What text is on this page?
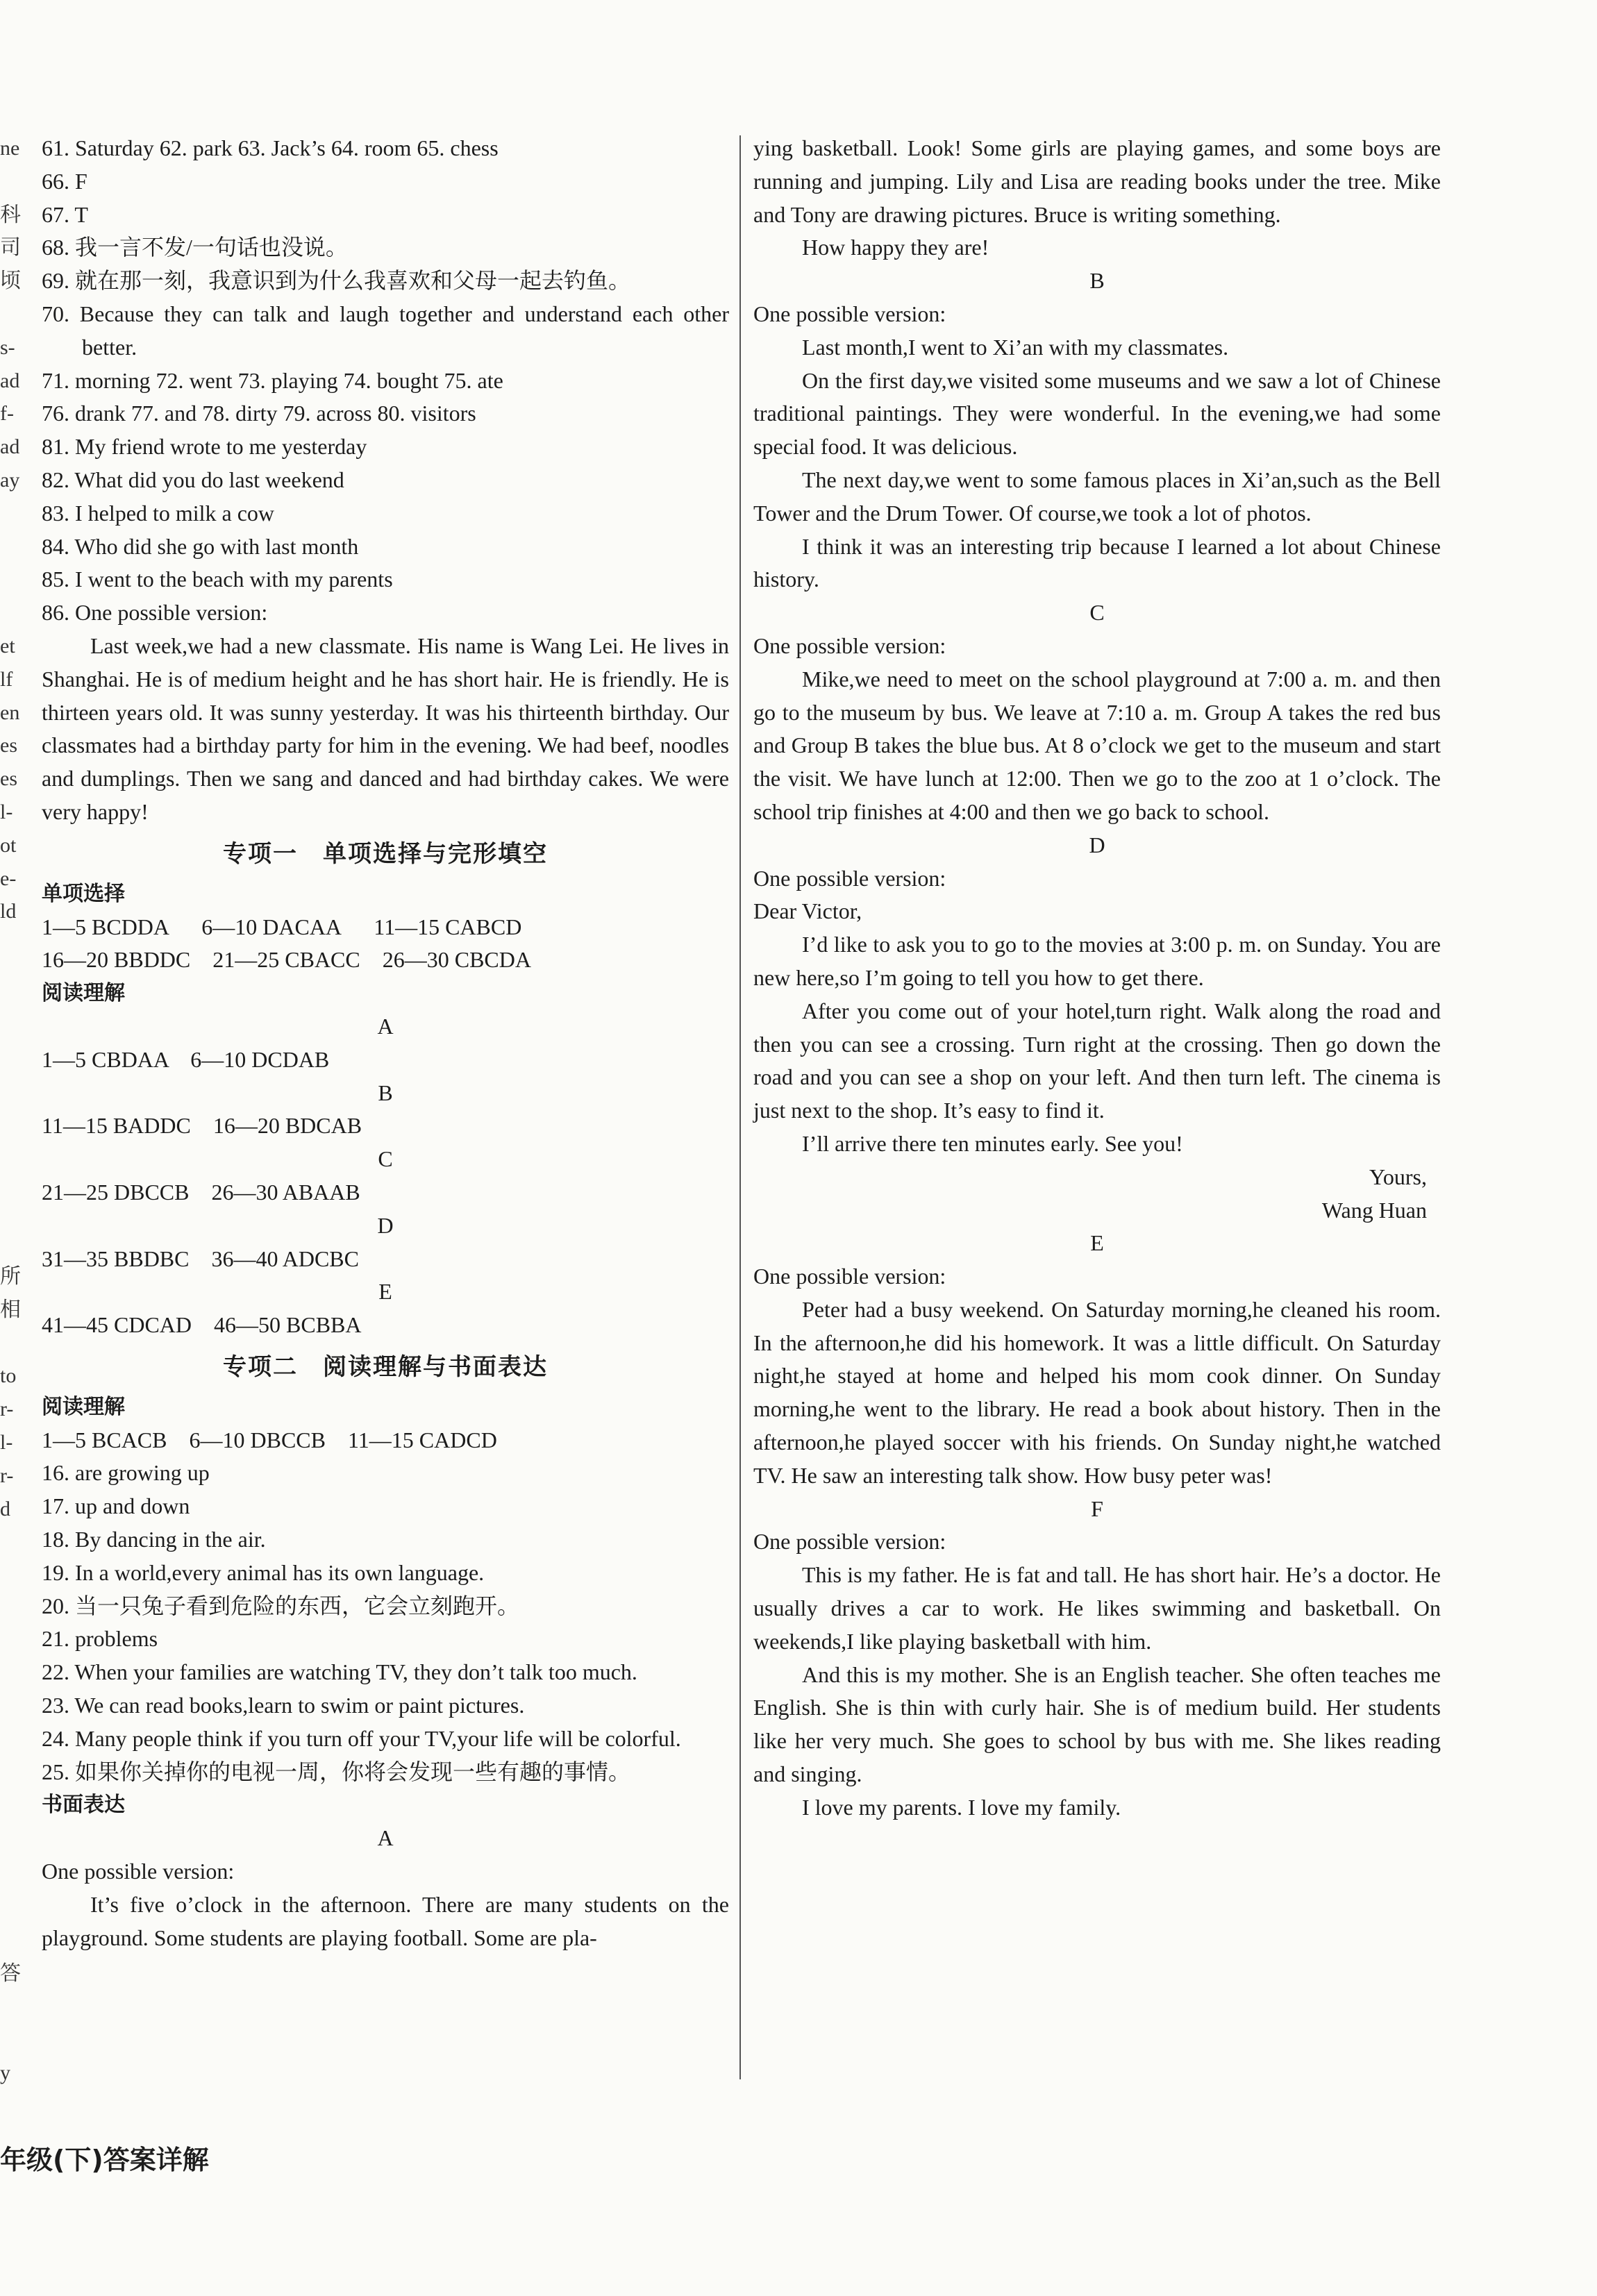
ne

科
司
顷

s-
ad
f-
ad
ay

et
lf
en
es
es
l-
ot
e-
ld

所
相

to
r-
l-
r-
d

答

y
61. Saturday 62. park 63. Jack’s 64. room 65. chess
66. F
67. T
68. 我一言不发/一句话也没说。
69. 就在那一刻，我意识到为什么我喜欢和父母一起去钓鱼。
70. Because they can talk and laugh together and understand each other better.
71. morning 72. went 73. playing 74. bought 75. ate
76. drank 77. and 78. dirty 79. across 80. visitors
81. My friend wrote to me yesterday
82. What did you do last weekend
83. I helped to milk a cow
84. Who did she go with last month
85. I went to the beach with my parents
86. One possible version:
Last week,we had a new classmate. His name is Wang Lei. He lives in Shanghai. He is of medium height and he has short hair. He is friendly. He is thirteen years old. It was sunny yesterday. It was his thirteenth birthday. Our classmates had a birthday party for him in the evening. We had beef, noodles and dumplings. Then we sang and danced and had birthday cakes. We were very happy!
专项一　单项选择与完形填空
单项选择
1—5 BCDDA      6—10 DACAA      11—15 CABCD
16—20 BBDDC    21—25 CBACC    26—30 CBCDA
阅读理解
A
1—5 CBDAA    6—10 DCDAB
B
11—15 BADDC    16—20 BDCAB
C
21—25 DBCCB    26—30 ABAAB
D
31—35 BBDBC    36—40 ADCBC
E
41—45 CDCAD    46—50 BCBBA
专项二　阅读理解与书面表达
阅读理解
1—5 BCACB    6—10 DBCCB    11—15 CADCD
16. are growing up
17. up and down
18. By dancing in the air.
19. In a world,every animal has its own language.
20. 当一只兔子看到危险的东西，它会立刻跑开。
21. problems
22. When your families are watching TV, they don’t talk too much.
23. We can read books,learn to swim or paint pictures.
24. Many people think if you turn off your TV,your life will be colorful.
25. 如果你关掉你的电视一周，你将会发现一些有趣的事情。
书面表达
A
One possible version:
It’s five o’clock in the afternoon. There are many students on the playground. Some students are playing football. Some are pla-
ying basketball. Look! Some girls are playing games, and some boys are running and jumping. Lily and Lisa are reading books under the tree. Mike and Tony are drawing pictures. Bruce is writing something.
How happy they are!
B
One possible version:
Last month,I went to Xi’an with my classmates.
On the first day,we visited some museums and we saw a lot of Chinese traditional paintings. They were wonderful. In the evening,we had some special food. It was delicious.
The next day,we went to some famous places in Xi’an,such as the Bell Tower and the Drum Tower. Of course,we took a lot of photos.
I think it was an interesting trip because I learned a lot about Chinese history.
C
One possible version:
Mike,we need to meet on the school playground at 7:00 a. m. and then go to the museum by bus. We leave at 7:10 a. m. Group A takes the red bus and Group B takes the blue bus. At 8 o’clock we get to the museum and start the visit. We have lunch at 12:00. Then we go to the zoo at 1 o’clock. The school trip finishes at 4:00 and then we go back to school.
D
One possible version:
Dear Victor,
I’d like to ask you to go to the movies at 3:00 p. m. on Sunday. You are new here,so I’m going to tell you how to get there.
After you come out of your hotel,turn right. Walk along the road and then you can see a crossing. Turn right at the crossing. Then go down the road and you can see a shop on your left. And then turn left. The cinema is just next to the shop. It’s easy to find it.
I’ll arrive there ten minutes early. See you!
Yours,
Wang Huan
E
One possible version:
Peter had a busy weekend. On Saturday morning,he cleaned his room. In the afternoon,he did his homework. It was a little difficult. On Saturday night,he stayed at home and helped his mom cook dinner. On Sunday morning,he went to the library. He read a book about history. Then in the afternoon,he played soccer with his friends. On Sunday night,he watched TV. He saw an interesting talk show. How busy peter was!
F
One possible version:
This is my father. He is fat and tall. He has short hair. He’s a doctor. He usually drives a car to work. He likes swimming and basketball. On weekends,I like playing basketball with him.
And this is my mother. She is an English teacher. She often teaches me English. She is thin with curly hair. She is of medium build. Her students like her very much. She goes to school by bus with me. She likes reading and singing.
I love my parents. I love my family.
年级(下)答案详解
